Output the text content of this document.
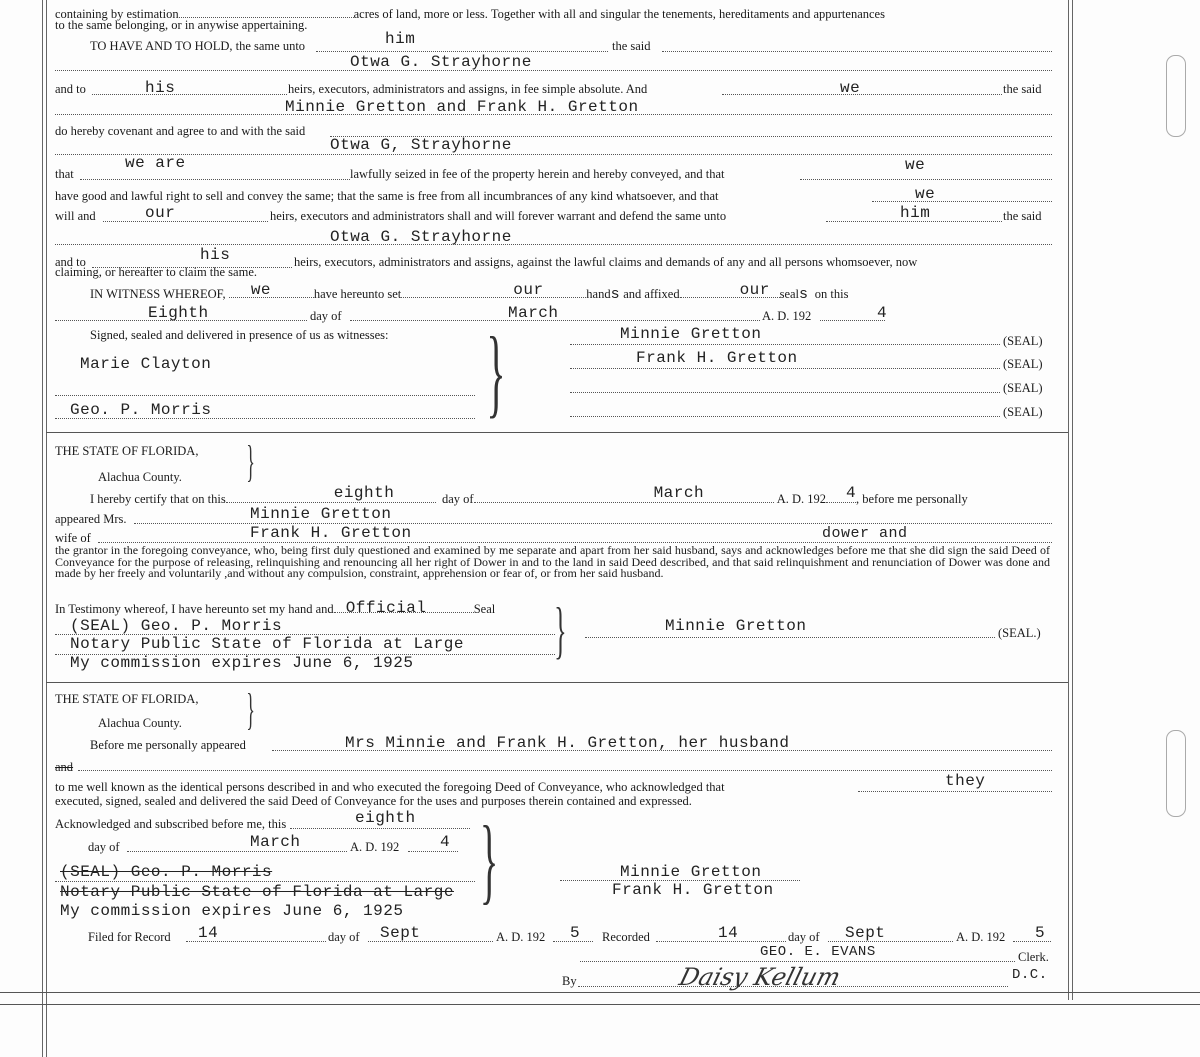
containing by estimation	acres of land, more or less. Together with all and singular the tenements, hereditaments and appurtenances
to the same belonging, or in anywise appertaining.
TO HAVE AND TO HOLD, the same unto	him	the said
Otwa G. Strayhorne
and to	his	heirs, executors, administrators and assigns, in fee simple absolute. And	we	the said
Minnie Gretton and Frank H. Gretton
do hereby covenant and agree to and with the said
Otwa G, Strayhorne
we are
that	lawfully seized in fee of the property herein and hereby conveyed, and that	we
have good and lawful right to sell and convey the same; that the same is free from all incumbrances of any kind whatsoever, and that	we
will and	our	heirs, executors and administrators shall and will forever warrant and defend the same unto	him	the said
Otwa G. Strayhorne
his
and to	heirs, executors, administrators and assigns, against the lawful claims and demands of any and all persons whomsoever, now
claiming, or hereafter to claim the same.
IN WITNESS WHEREOF, we	have hereunto set	our	hands and affixed	our seals on this
Eighth	day of	March	A. D. 192	4
Signed, sealed and delivered in presence of us as witnesses: }
Marie Clayton
Geo. P. Morris
Minnie Gretton	(SEAL)
Frank H. Gretton	(SEAL)
(SEAL)
(SEAL)
THE STATE OF FLORIDA,
Alachua County. }
I hereby certify that on this	eighth	day of	March	A. D. 192 4 , before me personally
Minnie Gretton
appeared Mrs.
Frank H. Gretton
wife of	dower and
the grantor in the foregoing conveyance, who, being first duly questioned and examined by me separate and apart from her said husband, says and acknowledges before me that she did sign the said Deed of Conveyance for the purpose of releasing, relinquishing and renouncing all her right of Dower in and to the land in said Deed described, and that said relinquishment and renunciation of Dower was done and made by her freely and voluntarily ,and without any compulsion, constraint, apprehension or fear of, or from her said husband.
In Testimony whereof, I have hereunto set my hand and Official	Seal }
(SEAL) Geo. P. Morris
Notary Public State of Florida at Large
My commission expires June 6, 1925
Minnie Gretton	(SEAL.)
THE STATE OF FLORIDA,
Alachua County. }
Before me personally appeared	Mrs Minnie and Frank H. Gretton, her husband
and
to me well known as the identical persons described in and who executed the foregoing Deed of Conveyance, who acknowledged that	they
executed, signed, sealed and delivered the said Deed of Conveyance for the uses and purposes therein contained and expressed.
Acknowledged and subscribed before me, this	eighth
day of	March	A. D. 192	4 }
(SEAL) Geo. P. Morris
Notary Public State of Florida at Large
My commission expires June 6, 1925
Minnie Gretton
Frank H. Gretton
Filed for Record 14	day of Sept	A. D. 192 5 Recorded	14	day of Sept	A. D. 192 5
GEO. E. EVANS	Clerk.
By	Daisy Kellum	D.C.
